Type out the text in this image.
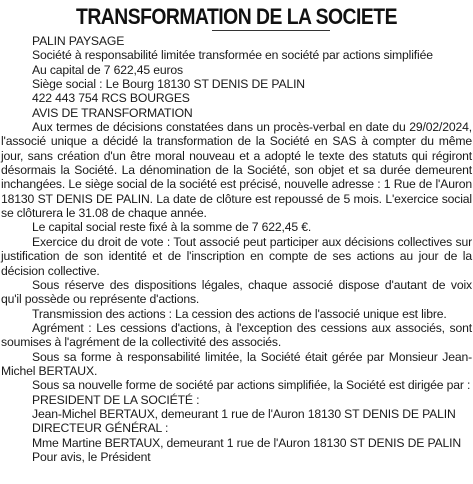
TRANSFORMATION DE LA SOCIETE
PALIN PAYSAGE
Société à responsabilité limitée transformée en société par actions simplifiée
Au capital de 7 622,45 euros
Siège social : Le Bourg 18130 ST DENIS DE PALIN
422 443 754 RCS BOURGES
AVIS DE TRANSFORMATION

Aux termes de décisions constatées dans un procès-verbal en date du 29/02/2024, l'associé unique a décidé la transformation de la Société en SAS à compter du même jour, sans création d'un être moral nouveau et a adopté le texte des statuts qui régiront désormais la Société. La dénomination de la Société, son objet et sa durée demeurent inchangées. Le siège social de la société est précisé, nouvelle adresse : 1 Rue de l'Auron 18130 ST DENIS DE PALIN. La date de clôture est repoussé de 5 mois. L'exercice social se clôturera le 31.08 de chaque année.

Le capital social reste fixé à la somme de 7 622,45 €.

Exercice du droit de vote : Tout associé peut participer aux décisions collectives sur justification de son identité et de l'inscription en compte de ses actions au jour de la décision collective.

Sous réserve des dispositions légales, chaque associé dispose d'autant de voix qu'il possède ou représente d'actions.

Transmission des actions : La cession des actions de l'associé unique est libre.

Agrément : Les cessions d'actions, à l'exception des cessions aux associés, sont soumises à l'agrément de la collectivité des associés.

Sous sa forme à responsabilité limitée, la Société était gérée par Monsieur Jean-Michel BERTAUX.

Sous sa nouvelle forme de société par actions simplifiée, la Société est dirigée par :

PRESIDENT DE LA SOCIÉTÉ :

Jean-Michel BERTAUX, demeurant 1 rue de l'Auron 18130 ST DENIS DE PALIN

DIRECTEUR GÉNÉRAL :

Mme Martine BERTAUX, demeurant 1 rue de l'Auron 18130 ST DENIS DE PALIN

Pour avis, le Président
